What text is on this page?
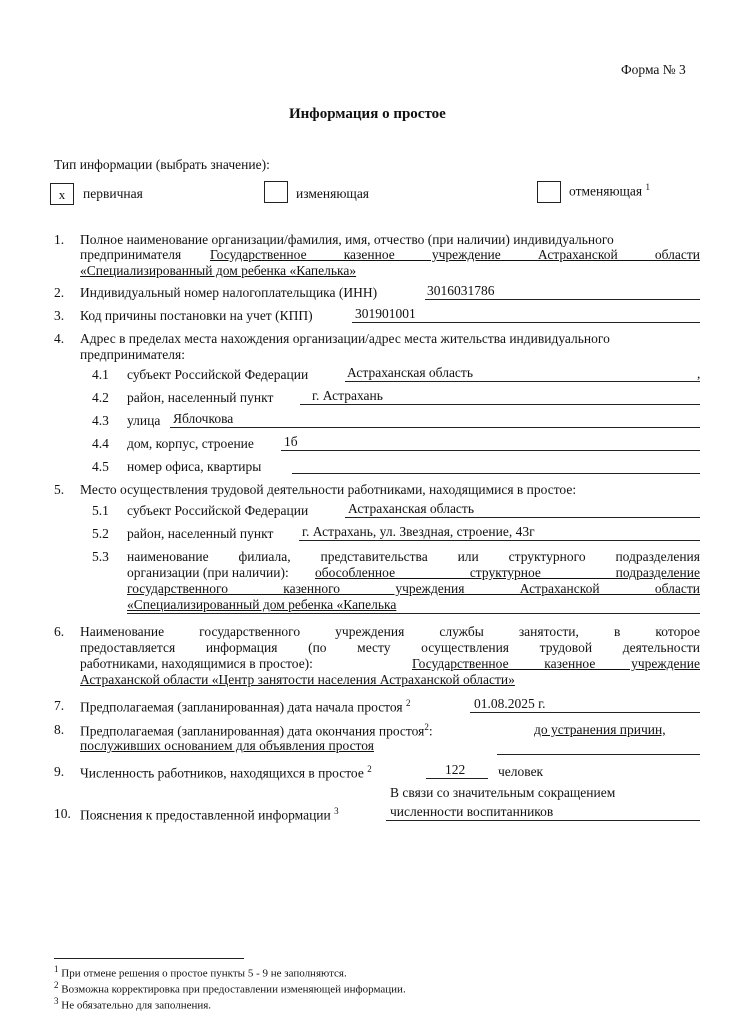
Форма № 3
Информация о простое
Тип информации (выбрать значение):
x	первичная	изменяющая	отменяющая $^1$
1. Полное наименование организации/фамилия, имя, отчество (при наличии) индивидуального
предпринимателя Государственное казенное учреждение Астраханской области
«Специализированный дом ребенка «Капелька»
2. Индивидуальный номер налогоплательщика (ИНН)	3016031786
3. Код причины постановки на учет (КПП)	301901001
4. Адрес в пределах места нахождения организации/адрес места жительства индивидуального
предпринимателя:
4.1 субъект Российской Федерации	Астраханская область	,
4.2 район, населенный пункт	г. Астрахань
4.3 улица Яблочкова
4.4 дом, корпус, строение 1б
4.5 номер офиса, квартиры
5. Место осуществления трудовой деятельности работниками, находящимися в простое:
5.1 субъект Российской Федерации	Астраханская область
5.2 район, населенный пункт г. Астрахань, ул. Звездная, строение, 43г
5.3 наименование филиала, представительства или структурного подразделения
организации (при наличии): обособленное структурное подразделение
государственного казенного учреждения Астраханской области
«Специализированный дом ребенка «Капелька
6. Наименование государственного учреждения службы занятости, в которое
предоставляется информация (по месту осуществления трудовой деятельности
работниками, находящимися в простое):	Государственное казенное учреждение
Астраханской области «Центр занятости населения Астраханской области»
7. Предполагаемая (запланированная) дата начала простоя $^2$	01.08.2025 г.
8. Предполагаемая (запланированная) дата окончания простоя$^2$:	до устранения причин,
послуживших основанием для объявления простоя
9. Численность работников, находящихся в простое $^2$	122 человек
10. Пояснения к предоставленной информации $^3$
В связи со значительным сокращением
численности воспитанников
$^1$ При отмене решения о простое пункты 5 - 9 не заполняются.
$^2$ Возможна корректировка при предоставлении изменяющей информации.
$^3$ Не обязательно для заполнения.
